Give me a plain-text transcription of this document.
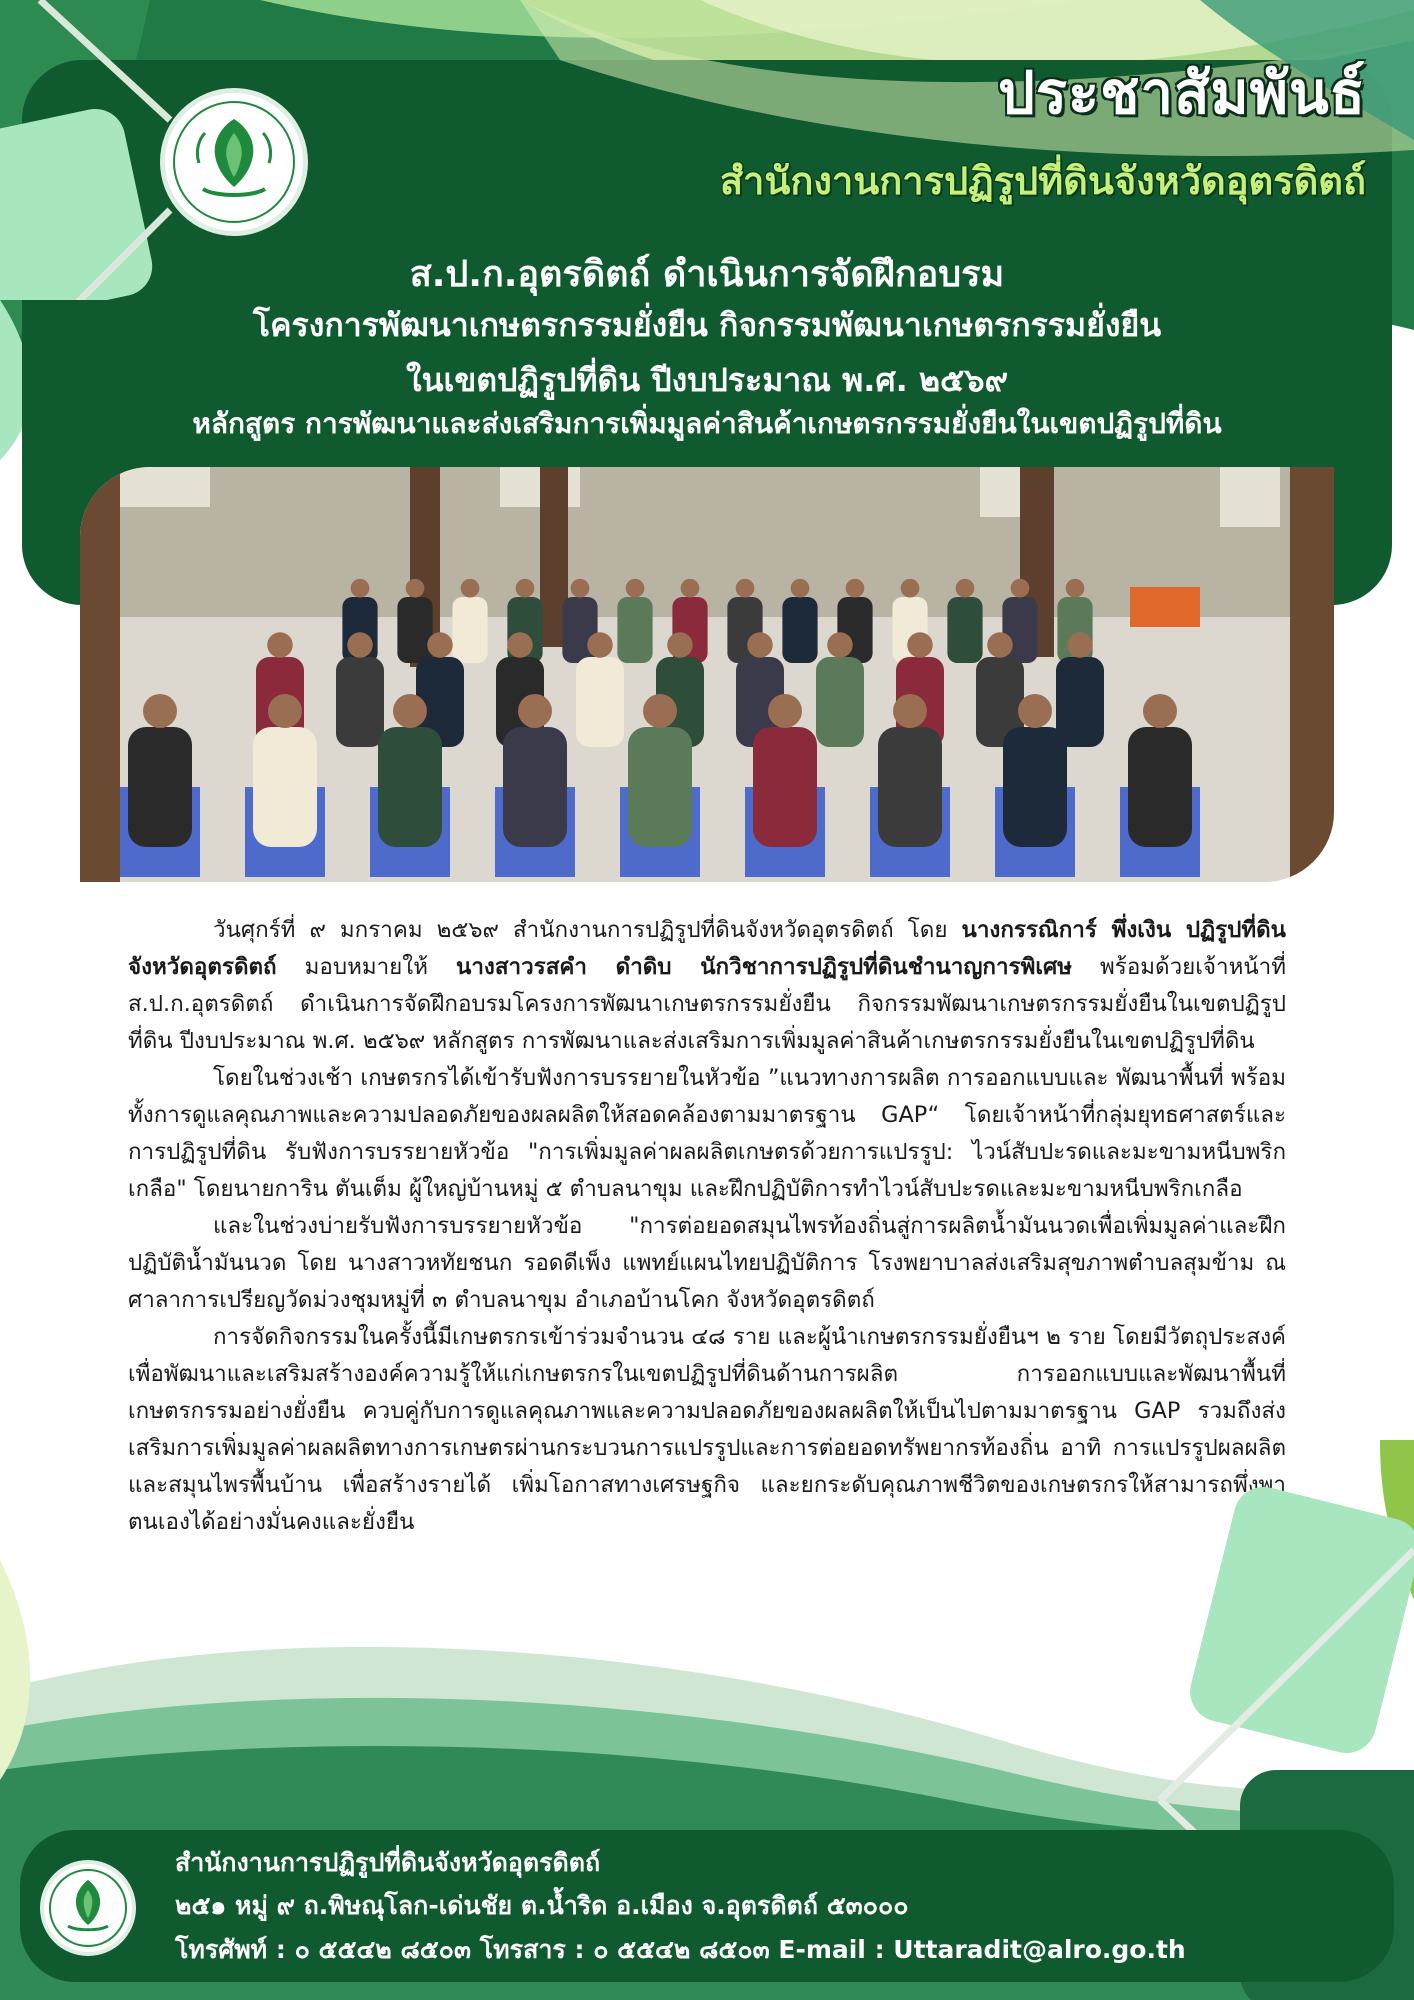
ประชาสัมพันธ์
สำนักงานการปฏิรูปที่ดินจังหวัดอุตรดิตถ์
ส.ป.ก.อุตรดิตถ์ ดำเนินการจัดฝึกอบรม
โครงการพัฒนาเกษตรกรรมยั่งยืน กิจกรรมพัฒนาเกษตรกรรมยั่งยืน
ในเขตปฏิรูปที่ดิน ปีงบประมาณ พ.ศ. ๒๕๖๙
หลักสูตร การพัฒนาและส่งเสริมการเพิ่มมูลค่าสินค้าเกษตรกรรมยั่งยืนในเขตปฏิรูปที่ดิน

วันศุกร์ที่ ๙ มกราคม ๒๕๖๙ สำนักงานการปฏิรูปที่ดินจังหวัดอุตรดิตถ์ โดย นางกรรณิการ์ พึ่งเงิน ปฏิรูปที่ดินจังหวัดอุตรดิตถ์ มอบหมายให้ นางสาวรสคำ ดำดิบ นักวิชาการปฏิรูปที่ดินชำนาญการพิเศษ พร้อมด้วยเจ้าหน้าที่ ส.ป.ก.อุตรดิตถ์ ดำเนินการจัดฝึกอบรมโครงการพัฒนาเกษตรกรรมยั่งยืน กิจกรรมพัฒนาเกษตรกรรมยั่งยืนในเขตปฏิรูปที่ดิน ปีงบประมาณ พ.ศ. ๒๕๖๙ หลักสูตร การพัฒนาและส่งเสริมการเพิ่มมูลค่าสินค้าเกษตรกรรมยั่งยืนในเขตปฏิรูปที่ดิน

โดยในช่วงเช้า เกษตรกรได้เข้ารับฟังการบรรยายในหัวข้อ ”แนวทางการผลิต การออกแบบและ พัฒนาพื้นที่ พร้อมทั้งการดูแลคุณภาพและความปลอดภัยของผลผลิตให้สอดคล้องตามมาตรฐาน GAP“ โดยเจ้าหน้าที่กลุ่มยุทธศาสตร์และการปฏิรูปที่ดิน รับฟังการบรรยายหัวข้อ "การเพิ่มมูลค่าผลผลิตเกษตรด้วยการแปรรูป: ไวน์สับปะรดและมะขามหนีบพริกเกลือ" โดยนายการิน ตันเต็ม ผู้ใหญ่บ้านหมู่ ๕ ตำบลนาขุม และฝึกปฏิบัติการทำไวน์สับปะรดและมะขามหนีบพริกเกลือ

และในช่วงบ่ายรับฟังการบรรยายหัวข้อ "การต่อยอดสมุนไพรท้องถิ่นสู่การผลิตน้ำมันนวดเพื่อเพิ่มมูลค่าและฝึกปฏิบัติน้ำมันนวด โดย นางสาวหทัยชนก รอดดีเพ็ง แพทย์แผนไทยปฏิบัติการ โรงพยาบาลส่งเสริมสุขภาพตำบลสุมข้าม ณ ศาลาการเปรียญวัดม่วงชุมหมู่ที่ ๓ ตำบลนาขุม อำเภอบ้านโคก จังหวัดอุตรดิตถ์

การจัดกิจกรรมในครั้งนี้มีเกษตรกรเข้าร่วมจำนวน ๔๘ ราย และผู้นำเกษตรกรรมยั่งยืนฯ ๒ ราย โดยมีวัตถุประสงค์เพื่อพัฒนาและเสริมสร้างองค์ความรู้ให้แก่เกษตรกรในเขตปฏิรูปที่ดินด้านการผลิต การออกแบบและพัฒนาพื้นที่เกษตรกรรมอย่างยั่งยืน ควบคู่กับการดูแลคุณภาพและความปลอดภัยของผลผลิตให้เป็นไปตามมาตรฐาน GAP รวมถึงส่งเสริมการเพิ่มมูลค่าผลผลิตทางการเกษตรผ่านกระบวนการแปรรูปและการต่อยอดทรัพยากรท้องถิ่น อาทิ การแปรรูปผลผลิตและสมุนไพรพื้นบ้าน เพื่อสร้างรายได้ เพิ่มโอกาสทางเศรษฐกิจ และยกระดับคุณภาพชีวิตของเกษตรกรให้สามารถพึ่งพาตนเองได้อย่างมั่นคงและยั่งยืน

สำนักงานการปฏิรูปที่ดินจังหวัดอุตรดิตถ์
๒๕๑ หมู่ ๙ ถ.พิษณุโลก-เด่นชัย ต.น้ำริด อ.เมือง จ.อุตรดิตถ์ ๕๓๐๐๐
โทรศัพท์ : ๐ ๕๕๔๒ ๘๕๐๓ โทรสาร : ๐ ๕๕๔๒ ๘๕๐๓ E-mail : Uttaradit@alro.go.th
